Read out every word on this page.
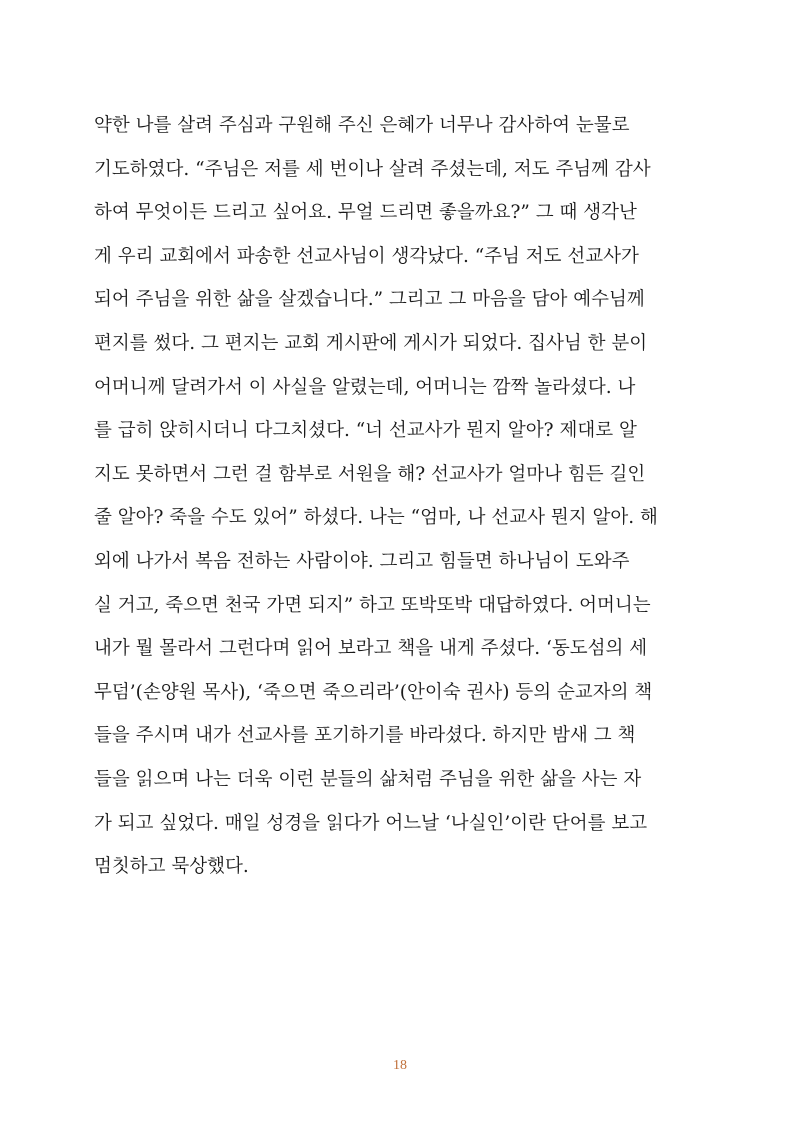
약한 나를 살려 주심과 구원해 주신 은혜가 너무나 감사하여 눈물로
기도하였다. “주님은 저를 세 번이나 살려 주셨는데, 저도 주님께 감사
하여 무엇이든 드리고 싶어요. 무얼 드리면 좋을까요?” 그 때 생각난
게 우리 교회에서 파송한 선교사님이 생각났다. “주님 저도 선교사가
되어 주님을 위한 삶을 살겠습니다.” 그리고 그 마음을 담아 예수님께
편지를 썼다. 그 편지는 교회 게시판에 게시가 되었다. 집사님 한 분이
어머니께 달려가서 이 사실을 알렸는데, 어머니는 깜짝 놀라셨다. 나
를 급히 앉히시더니 다그치셨다. “너 선교사가 뭔지 알아? 제대로 알
지도 못하면서 그런 걸 함부로 서원을 해? 선교사가 얼마나 힘든 길인
줄 알아? 죽을 수도 있어” 하셨다. 나는 “엄마, 나 선교사 뭔지 알아. 해
외에 나가서 복음 전하는 사람이야. 그리고 힘들면 하나님이 도와주
실 거고, 죽으면 천국 가면 되지” 하고 또박또박 대답하였다. 어머니는
내가 뭘 몰라서 그런다며 읽어 보라고 책을 내게 주셨다. ‘동도섬의 세
무덤’(손양원 목사), ‘죽으면 죽으리라’(안이숙 권사) 등의 순교자의 책
들을 주시며 내가 선교사를 포기하기를 바라셨다. 하지만 밤새 그 책
들을 읽으며 나는 더욱 이런 분들의 삶처럼 주님을 위한 삶을 사는 자
가 되고 싶었다. 매일 성경을 읽다가 어느날 ‘나실인’이란 단어를 보고
멈칫하고 묵상했다.
18
